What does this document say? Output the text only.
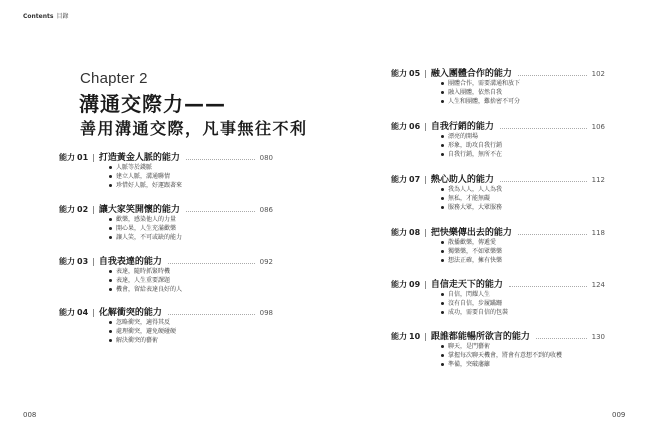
Contents 目錄
Chapter 2
溝通交際力——
善用溝通交際，凡事無往不利
能力 01 | 打造黃金人脈的能力	080
人脈等於錢脈
建立人脈，溝通聯情
珍惜好人脈，好運跟著來
能力 02 | 讓大家笑開懷的能力	086
歡樂，感染他人的力量
開心果，人生充滿歡樂
讓人笑，不可或缺的能力
能力 03 | 自我表達的能力	092
表達，隨時抓緊時機
表達，人生重要課題
機會，留給表達良好的人
能力 04 | 化解衝突的能力	098
忽略衝突，適得其反
處理衝突，避免硬碰硬
解決衝突的藝術
能力 05 | 融入團體合作的能力	102
團體合作，需要溝通和放下
融入團體，依然自我
人生和團體，難捨密不可分
能力 06 | 自我行銷的能力	106
漂亮的開場
形象，助攻自我行銷
自我行銷，無所不在
能力 07 | 熱心助人的能力	112
我為人人，人人為我
無私，才能無礙
服務大眾，大眾服務
能力 08 | 把快樂傳出去的能力	118
散播歡樂，傳遞愛
獨樂樂，不如眾樂樂
想法正確，擁有快樂
能力 09 | 自信走天下的能力	124
自信，閃耀人生
沒有自信，步履蹣跚
成功，需要自信的包裝
能力 10 | 跟誰都能暢所欲言的能力	130
聊天，是門藝術
掌握每次聊天機會，將會有意想不到的收穫
準備，突破藩籬
008	009
